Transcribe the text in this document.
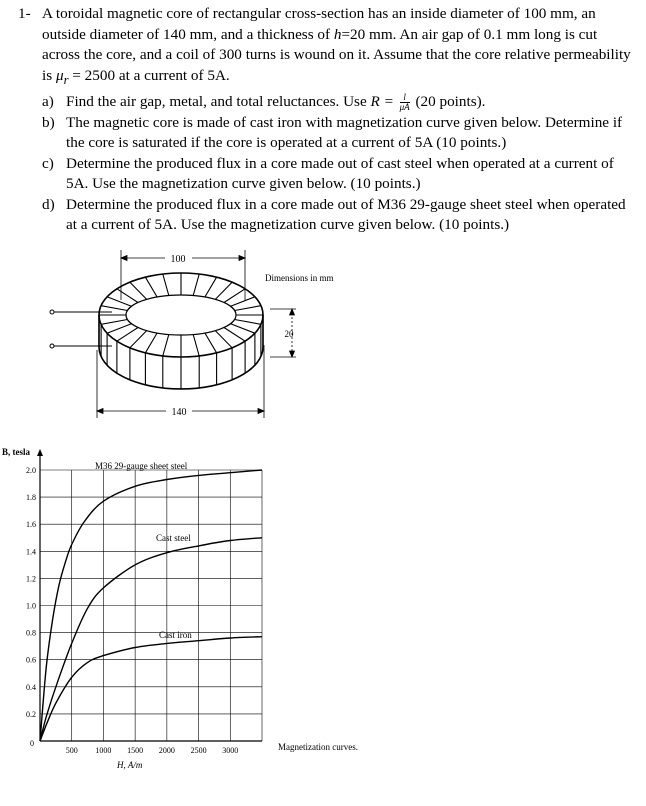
1- A toroidal magnetic core of rectangular cross-section has an inside diameter of 100 mm, an outside diameter of 140 mm, and a thickness of h=20 mm. An air gap of 0.1 mm long is cut across the core, and a coil of 300 turns is wound on it. Assume that the core relative permeability is $\mu_r = 2500$ at a current of 5A.
a) Find the air gap, metal, and total reluctances. Use $R = \frac{l}{\mu A} (20$ points).
b) The magnetic core is made of cast iron with magnetization curve given below. Determine if the core is saturated if the core is operated at a current of 5A (10 points.)
c) Determine the produced flux in a core made out of cast steel when operated at a current of 5A. Use the magnetization curve given below. (10 points.)
d) Determine the produced flux in a core made out of M36 29-gauge sheet steel when operated at a current of 5A. Use the magnetization curve given below. (10 points.)
100
140
20
Dimensions in mm
2.0
1.8
1.6
1.4
1.2
1.0
0.8
0.6
0.4
0.2
500 1000 1500 2000 2500 3000
0
B, tesla
H, A/m
Magnetization curves.
M36 29-gauge sheet steel
Cast steel
Cast iron
